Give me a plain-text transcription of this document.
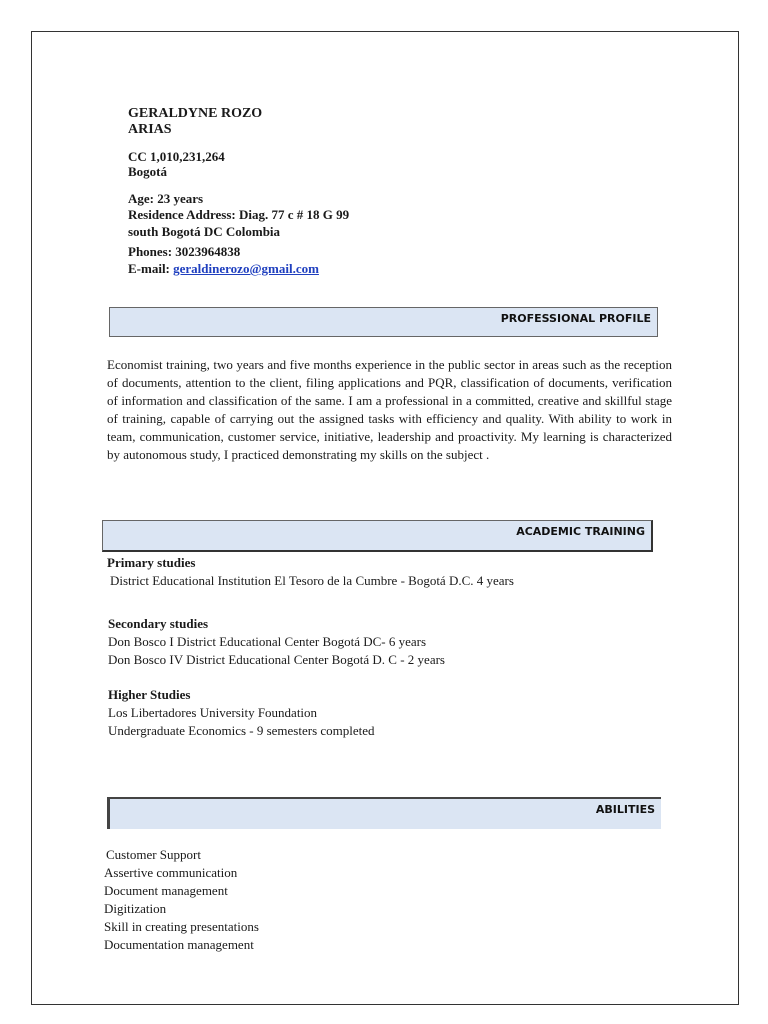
GERALDYNE ROZO
ARIAS
CC 1,010,231,264
Bogotá
Age: 23 years
Residence Address: Diag. 77 c # 18 G 99
south Bogotá DC Colombia
Phones: 3023964838
E-mail: geraldinerozo@gmail.com
PROFESSIONAL PROFILE
Economist training, two years and five months experience in the public sector in areas such as the reception of documents, attention to the client, filing applications and PQR, classification of documents, verification of information and classification of the same. I am a professional in a committed, creative and skillful stage of training, capable of carrying out the assigned tasks with efficiency and quality. With ability to work in team, communication, customer service, initiative, leadership and proactivity. My learning is characterized by autonomous study, I practiced demonstrating my skills on the subject .
ACADEMIC TRAINING
Primary studies
District Educational Institution El Tesoro de la Cumbre - Bogotá D.C. 4 years
Secondary studies
Don Bosco I District Educational Center Bogotá DC- 6 years
Don Bosco IV District Educational Center Bogotá D. C - 2 years
Higher Studies
Los Libertadores University Foundation
Undergraduate Economics - 9 semesters completed
ABILITIES
Customer Support
Assertive communication
Document management
Digitization
Skill in creating presentations
Documentation management
